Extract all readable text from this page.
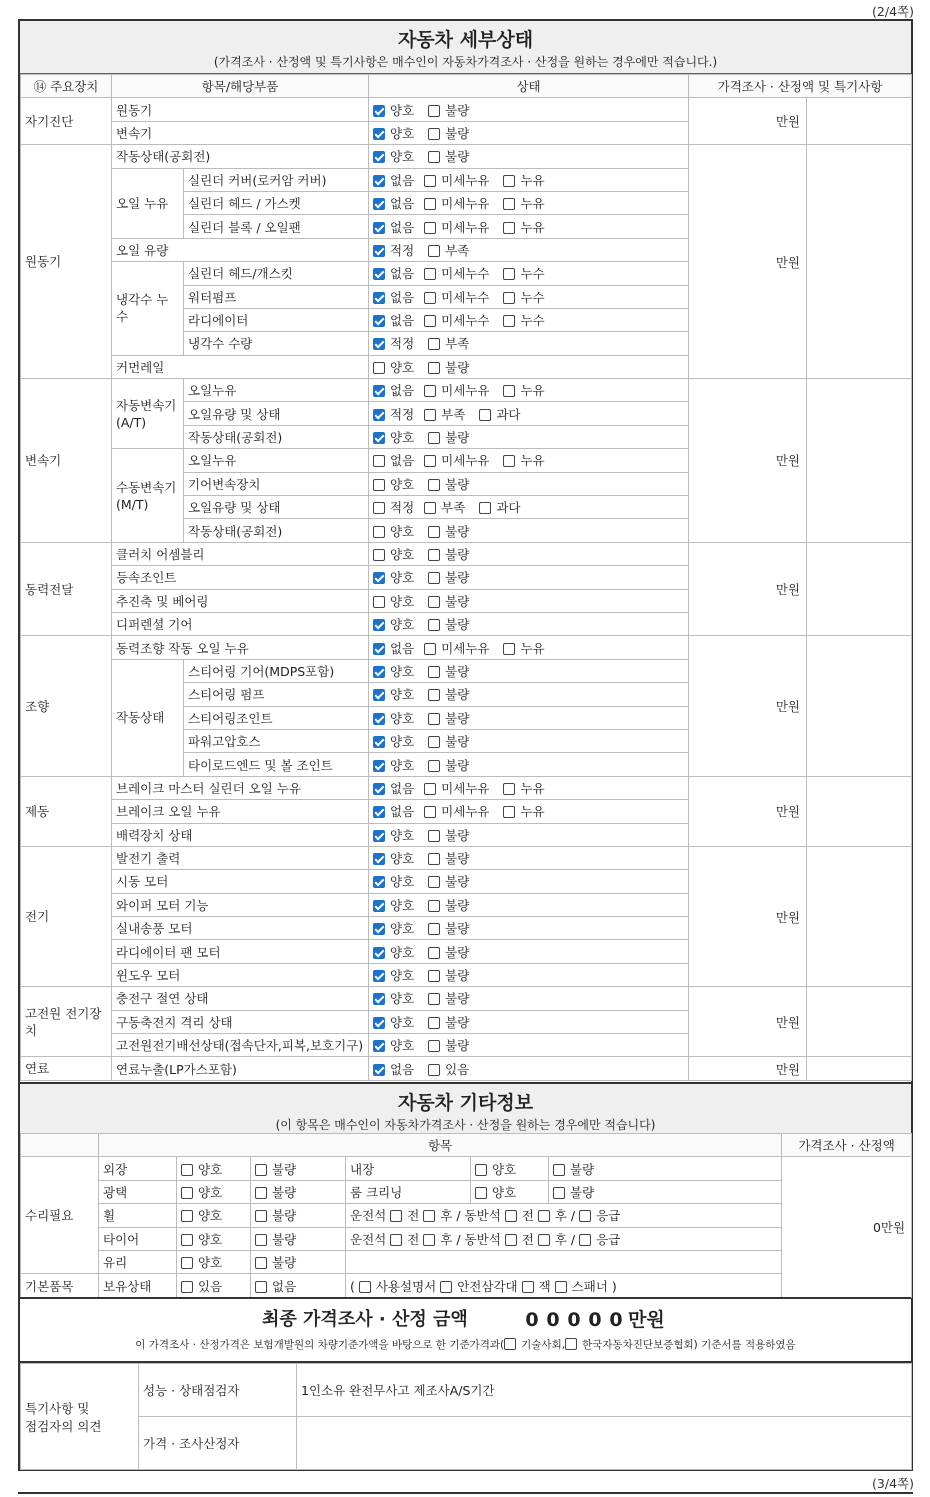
(2/4쪽)
자동차 세부상태
(가격조사 · 산정액 및 특기사항은 매수인이 자동차가격조사 · 산정을 원하는 경우에만 적습니다.)
⑭ 주요장치	항목/해당부품		상태	가격조사 · 산정액 및 특기사항	
자기진단	원동기		양호 불량	만원	
	변속기		양호 불량		
원동기	작동상태(공회전)		양호 불량	만원	
	오일 누유	실린더 커버(로커암 커버)	없음 미세누유 누유		
		실린더 헤드 / 가스켓	없음 미세누유 누유		
		실린더 블록 / 오일팬	없음 미세누유 누유		
	오일 유량		적정 부족		
	냉각수 누수	실린더 헤드/개스킷	없음 미세누수 누수		
		워터펌프	없음 미세누수 누수		
		라디에이터	없음 미세누수 누수		
		냉각수 수량	적정 부족		
	커먼레일		양호 불량		
변속기	자동변속기 (A/T)	오일누유	없음 미세누유 누유	만원	
		오일유량 및 상태	적정 부족 과다		
		작동상태(공회전)	양호 불량		
	수동변속기 (M/T)	오일누유	없음 미세누유 누유		
		기어변속장치	양호 불량		
		오일유량 및 상태	적정 부족 과다		
		작동상태(공회전)	양호 불량		
동력전달	클러치 어셈블리		양호 불량	만원	
	등속조인트		양호 불량		
	추진축 및 베어링		양호 불량		
	디퍼렌셜 기어		양호 불량		
조향	동력조향 작동 오일 누유		없음 미세누유 누유	만원	
	작동상태	스티어링 기어(MDPS포함)	양호 불량		
		스티어링 펌프	양호 불량		
		스티어링조인트	양호 불량		
		파워고압호스	양호 불량		
		타이로드엔드 및 볼 조인트	양호 불량		
제동	브레이크 마스터 실린더 오일 누유		없음 미세누유 누유	만원	
	브레이크 오일 누유		없음 미세누유 누유		
	배력장치 상태		양호 불량		
전기	발전기 출력		양호 불량	만원	
	시동 모터		양호 불량		
	와이퍼 모터 기능		양호 불량		
	실내송풍 모터		양호 불량		
	라디에이터 팬 모터		양호 불량		
	윈도우 모터		양호 불량		
고전원 전기장치	충전구 절연 상태		양호 불량	만원	
	구동축전지 격리 상태		양호 불량		
	고전원전기배선상태(접속단자,피복,보호기구)		양호 불량		
연료	연료누출(LP가스포함)		없음 있음	만원	
자동차 기타정보
(이 항목은 매수인이 자동차가격조사 · 산정을 원하는 경우에만 적습니다)
	항목						가격조사 · 산정액
수리필요	외장	양호	불량	내장	양호	불량	0만원
	광택	양호	불량	룸 크리닝	양호	불량	
	휠	양호	불량	운전석 전 후 / 동반석 전 후 / 응급			
	타이어	양호	불량	운전석 전 후 / 동반석 전 후 / 응급			
	유리	양호	불량				
기본품목	보유상태	있음	없음	( 사용설명서 안전삼각대 잭 스패너 )			
최종 가격조사 · 산정 금액	0 0 0 0 0 만원
이 가격조사 · 산정가격은 보험개발원의 차량기준가액을 바탕으로 한 기준가격과( 기술사회, 한국자동차진단보증협회) 기준서를 적용하였음
특기사항 및
점검자의 의견	성능 · 상태점검자	1인소유 완전무사고 제조사A/S기간
	가격 · 조사산정자	
(3/4쪽)
